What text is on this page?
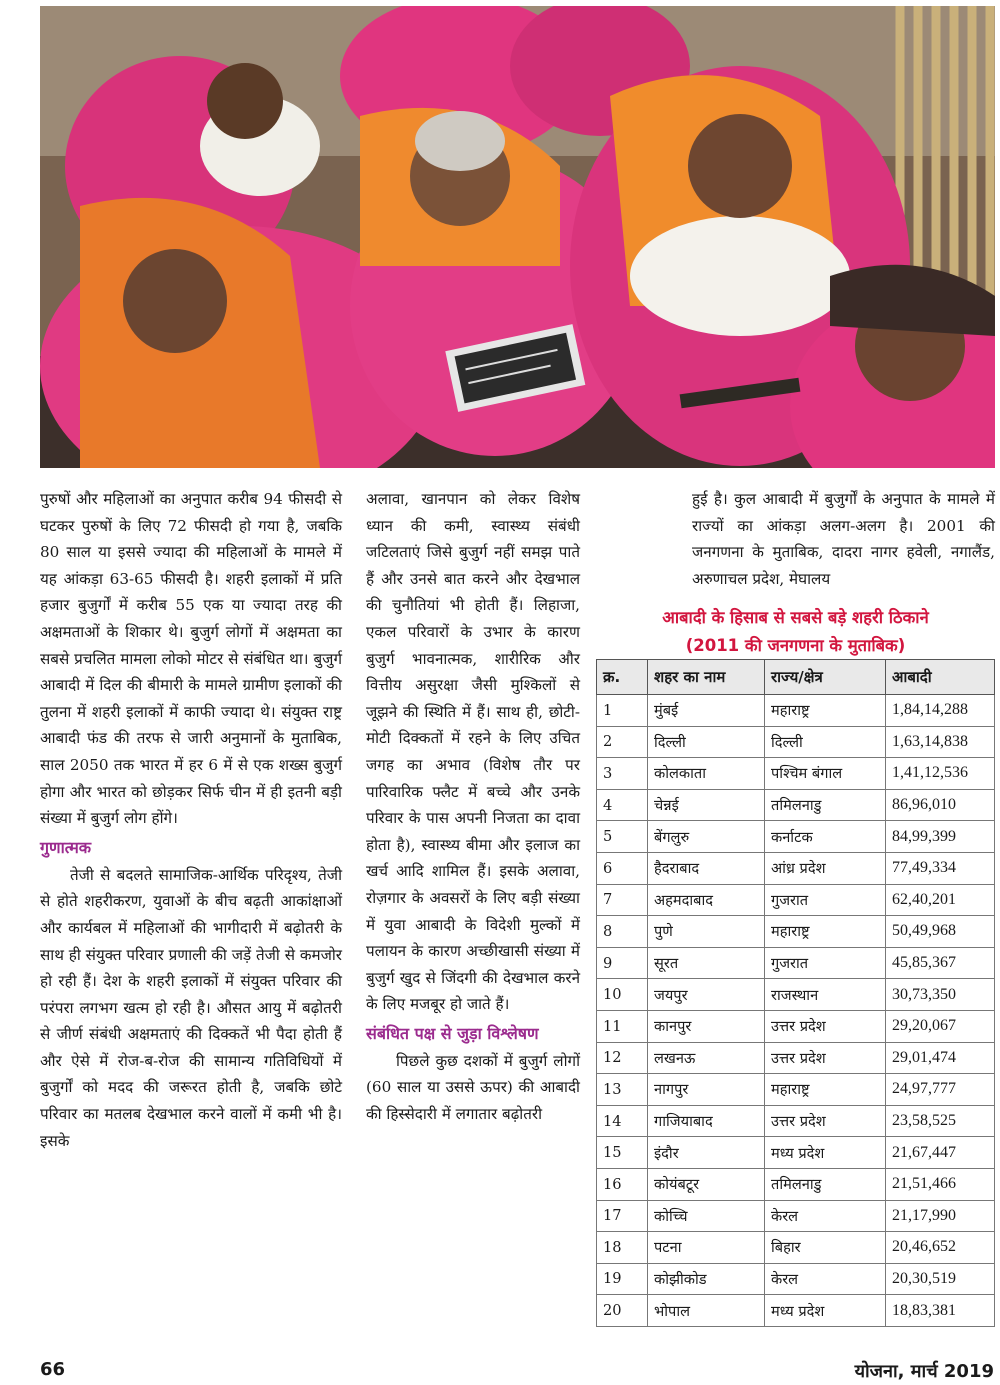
पुरुषों और महिलाओं का अनुपात करीब 94 फीसदी से घटकर पुरुषों के लिए 72 फीसदी हो गया है, जबकि 80 साल या इससे ज्यादा की महिलाओं के मामले में यह आंकड़ा 63-65 फीसदी है। शहरी इलाकों में प्रति हजार बुजुर्गों में करीब 55 एक या ज्यादा तरह की अक्षमताओं के शिकार थे। बुजुर्ग लोगों में अक्षमता का सबसे प्रचलित मामला लोको मोटर से संबंधित था। बुजुर्ग आबादी में दिल की बीमारी के मामले ग्रामीण इलाकों की तुलना में शहरी इलाकों में काफी ज्यादा थे। संयुक्त राष्ट्र आबादी फंड की तरफ से जारी अनुमानों के मुताबिक, साल 2050 तक भारत में हर 6 में से एक शख्स बुजुर्ग होगा और भारत को छोड़कर सिर्फ चीन में ही इतनी बड़ी संख्या में बुजुर्ग लोग होंगे।

गुणात्मक

तेजी से बदलते सामाजिक-आर्थिक परिदृश्य, तेजी से होते शहरीकरण, युवाओं के बीच बढ़ती आकांक्षाओं और कार्यबल में महिलाओं की भागीदारी में बढ़ोतरी के साथ ही संयुक्त परिवार प्रणाली की जड़ें तेजी से कमजोर हो रही हैं। देश के शहरी इलाकों में संयुक्त परिवार की परंपरा लगभग खत्म हो रही है। औसत आयु में बढ़ोतरी से जीर्ण संबंधी अक्षमताएं की दिक्कतें भी पैदा होती हैं और ऐसे में रोज-ब-रोज की सामान्य गतिविधियों में बुजुर्गों को मदद की जरूरत होती है, जबकि छोटे परिवार का मतलब देखभाल करने वालों में कमी भी है। इसके

अलावा, खानपान को लेकर विशेष ध्यान की कमी, स्वास्थ्य संबंधी जटिलताएं जिसे बुजुर्ग नहीं समझ पाते हैं और उनसे बात करने और देखभाल की चुनौतियां भी होती हैं। लिहाजा, एकल परिवारों के उभार के कारण बुजुर्ग भावनात्मक, शारीरिक और वित्तीय असुरक्षा जैसी मुश्किलों से जूझने की स्थिति में हैं। साथ ही, छोटी-मोटी दिक्कतों में रहने के लिए उचित जगह का अभाव (विशेष तौर पर पारिवारिक फ्लैट में बच्चे और उनके परिवार के पास अपनी निजता का दावा होता है), स्वास्थ्य बीमा और इलाज का खर्च आदि शामिल हैं। इसके अलावा, रोज़गार के अवसरों के लिए बड़ी संख्या में युवा आबादी के विदेशी मुल्कों में पलायन के कारण अच्छीखासी संख्या में बुजुर्ग खुद से जिंदगी की देखभाल करने के लिए मजबूर हो जाते हैं।

संबंधित पक्ष से जुड़ा विश्लेषण

पिछले कुछ दशकों में बुजुर्ग लोगों (60 साल या उससे ऊपर) की आबादी की हिस्सेदारी में लगातार बढ़ोतरी

हुई है। कुल आबादी में बुजुर्गों के अनुपात के मामले में राज्यों का आंकड़ा अलग-अलग है। 2001 की जनगणना के मुताबिक, दादरा नागर हवेली, नगालैंड, अरुणाचल प्रदेश, मेघालय

आबादी के हिसाब से सबसे बड़े शहरी ठिकाने
(2011 की जनगणना के मुताबिक)
क्र.	शहर का नाम	राज्य/क्षेत्र	आबादी
1	मुंबई	महाराष्ट्र	1,84,14,288
2	दिल्ली	दिल्ली	1,63,14,838
3	कोलकाता	पश्चिम बंगाल	1,41,12,536
4	चेन्नई	तमिलनाडु	86,96,010
5	बेंगलुरु	कर्नाटक	84,99,399
6	हैदराबाद	आंध्र प्रदेश	77,49,334
7	अहमदाबाद	गुजरात	62,40,201
8	पुणे	महाराष्ट्र	50,49,968
9	सूरत	गुजरात	45,85,367
10	जयपुर	राजस्थान	30,73,350
11	कानपुर	उत्तर प्रदेश	29,20,067
12	लखनऊ	उत्तर प्रदेश	29,01,474
13	नागपुर	महाराष्ट्र	24,97,777
14	गाजियाबाद	उत्तर प्रदेश	23,58,525
15	इंदौर	मध्य प्रदेश	21,67,447
16	कोयंबटूर	तमिलनाडु	21,51,466
17	कोच्चि	केरल	21,17,990
18	पटना	बिहार	20,46,652
19	कोझीकोड	केरल	20,30,519
20	भोपाल	मध्य प्रदेश	18,83,381
66	योजना, मार्च 2019
